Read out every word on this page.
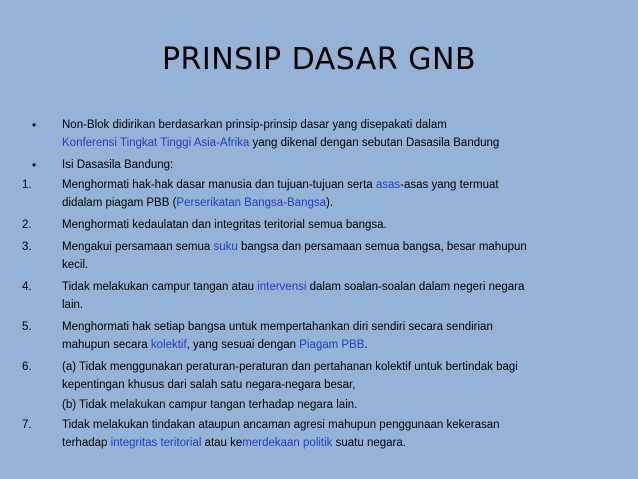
PRINSIP DASAR GNB
•	Non-Blok didirikan berdasarkan prinsip-prinsip dasar yang disepakati dalam
Konferensi Tingkat Tinggi Asia-Afrika yang dikenal dengan sebutan Dasasila Bandung
•	Isi Dasasila Bandung:
1.	Menghormati hak-hak dasar manusia dan tujuan-tujuan serta asas-asas yang termuat
didalam piagam PBB (Perserikatan Bangsa-Bangsa).
2.	Menghormati kedaulatan dan integritas teritorial semua bangsa.
3.	Mengakui persamaan semua suku bangsa dan persamaan semua bangsa, besar mahupun
kecil.
4.	Tidak melakukan campur tangan atau intervensi dalam soalan-soalan dalam negeri negara
lain.
5.	Menghormati hak setiap bangsa untuk mempertahankan diri sendiri secara sendirian
mahupun secara kolektif, yang sesuai dengan Piagam PBB.
6.	(a) Tidak menggunakan peraturan-peraturan dan pertahanan kolektif untuk bertindak bagi
kepentingan khusus dari salah satu negara-negara besar,
(b) Tidak melakukan campur tangan terhadap negara lain.
7.	Tidak melakukan tindakan ataupun ancaman agresi mahupun penggunaan kekerasan
terhadap integritas teritorial atau kemerdekaan politik suatu negara.
